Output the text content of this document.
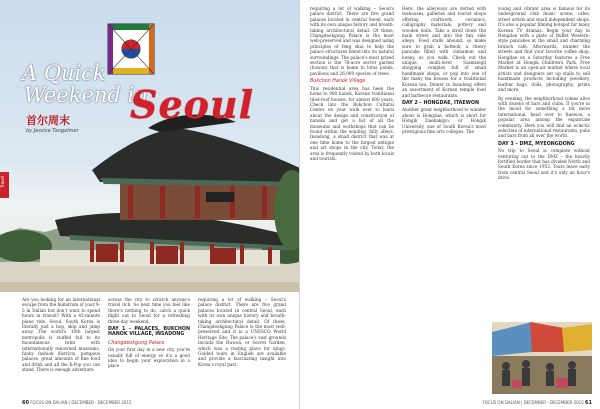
A Quick
Weekend in
Seoul
首尔周末
by Jessica Tangelmer
Travel

Are you looking for an international escape from the humdrum of your 9-5 in Dalian but don't want to spend hours in transit? With a 45-minute plane ride, Seoul, South Korea is literally just a hop, skip and jump away. The world's 10th largest metropolis is stuffed full to its mountainous brim with internationally renowned museums, funky fashion districts, pompous palaces, great amounts of fine food and drink and all the K-Pop you can stand. There is enough adventure

across the city to scratch anyone's travel itch. So next time you feel like there's nothing to do, catch a quick flight out to Seoul for a refreshing three-day weekend.

DAY 1 – PALACES, BUKCHON HANOK VILLAGE, INSADONG
Changdeokgung Palace

On your first day in a new city, you're usually full of energy so it's a good idea to begin your exploration in a place

requiring a lot of walking – Seoul's palace district. There are five grand palaces located in central Seoul, each with its own unique history and breath-taking architectural detail. Of these, Changdeokgung Palace is the most well-preserved and it is a UNESCO World Heritage Site. The palace's vast grounds include the Huwon, or Secret Garden, which was a resting place for kings. Guided tours in English are available and provide a fascinating insight into Korea's royal past.

60 FOCUS ON DALIAN | DECEMBER · DECEMBER 2015

requiring a lot of walking – Seoul's palace district. There are five grand palaces located in central Seoul, each with its own unique history and breath-taking architectural detail. Of these, Changdeokgung Palace is the most well-preserved and was designed using principles of feng shui to help the palace structures blend into its natural surroundings. The palace's most prized section is the 78-acre secret garden (huwon) that is home to lotus ponds, pavilions and 26,000 species of trees.

Bukchon Hanok Village

This residential area has been the home to 900 hanok, Korean traditional tiled-roof houses, for almost 600 years. Check into the Bukchon Cultural Center on your walk over to learn about the design and construction of hanoks and get a list of all the museums and workshops that can be found within the winding, hilly alleys. Insadong, a small district that was at one time home to the largest antique and art shops in the city. Today, the area is frequently visited by both locals and tourists.

Here, the alleyways are dotted with teahouses, galleries and tourist shops offering craftwork, ceramics, calligraphy materials, pottery and wooden dolls. Take a stroll down the main street and into the tiny side alleys. Food stalls abound, so make sure to grab a hotteok, a chewy pancake filled with cinnamon and honey, as you walk. Check out the unique, multi-level Ssamziegil shopping complex full of small handmade shops, or pop into one of the many tea houses for a traditional Korean tea. Dinner in Insadong offers an assortment of Korean temple food and barbecue restaurants.

DAY 2 – HONGDAE, ITAEWON

Another great neighborhood to wander about is Hongdae, which is short for Hongik Daehakgyo, or Hongik University, one of South Korea's most prestigious fine arts colleges. The

young and vibrant area is famous for its underground club music scene, cafes, street artists and small independent shops. It's also a popular filming hotspot for many Korean TV dramas. Begin your day in Hongdae with a plate of Buffet Western-style pancakes at the small and charming brunch café. Afterwards, wander the streets and find your favorite coffee shop. Hongdae on a Saturday features a Free Market at Hongik Children's Park, Free Market is an open-air market where local artists and designers set up stalls to sell handmade products including jewellery, leather bags, dolls, photography, prints and more.

By evening, the neighborhood comes alive with dozens of bars and clubs. If you're in the mood for something a bit more international, head over to Itaewon, a popular area among the expatriate community. Here you will find an eclectic selection of international restaurants, pubs and bars from all over the world.

DAY 3 – DMZ, MYEONGDONG

No trip to Seoul is complete without venturing out to the DMZ – the heavily fortified border that has divided North and South Korea since 1953. Tours leave early from central Seoul and it's only an hour's drive.

FOCUS ON DALIAN | DECEMBER · DECEMBER 2015 61
